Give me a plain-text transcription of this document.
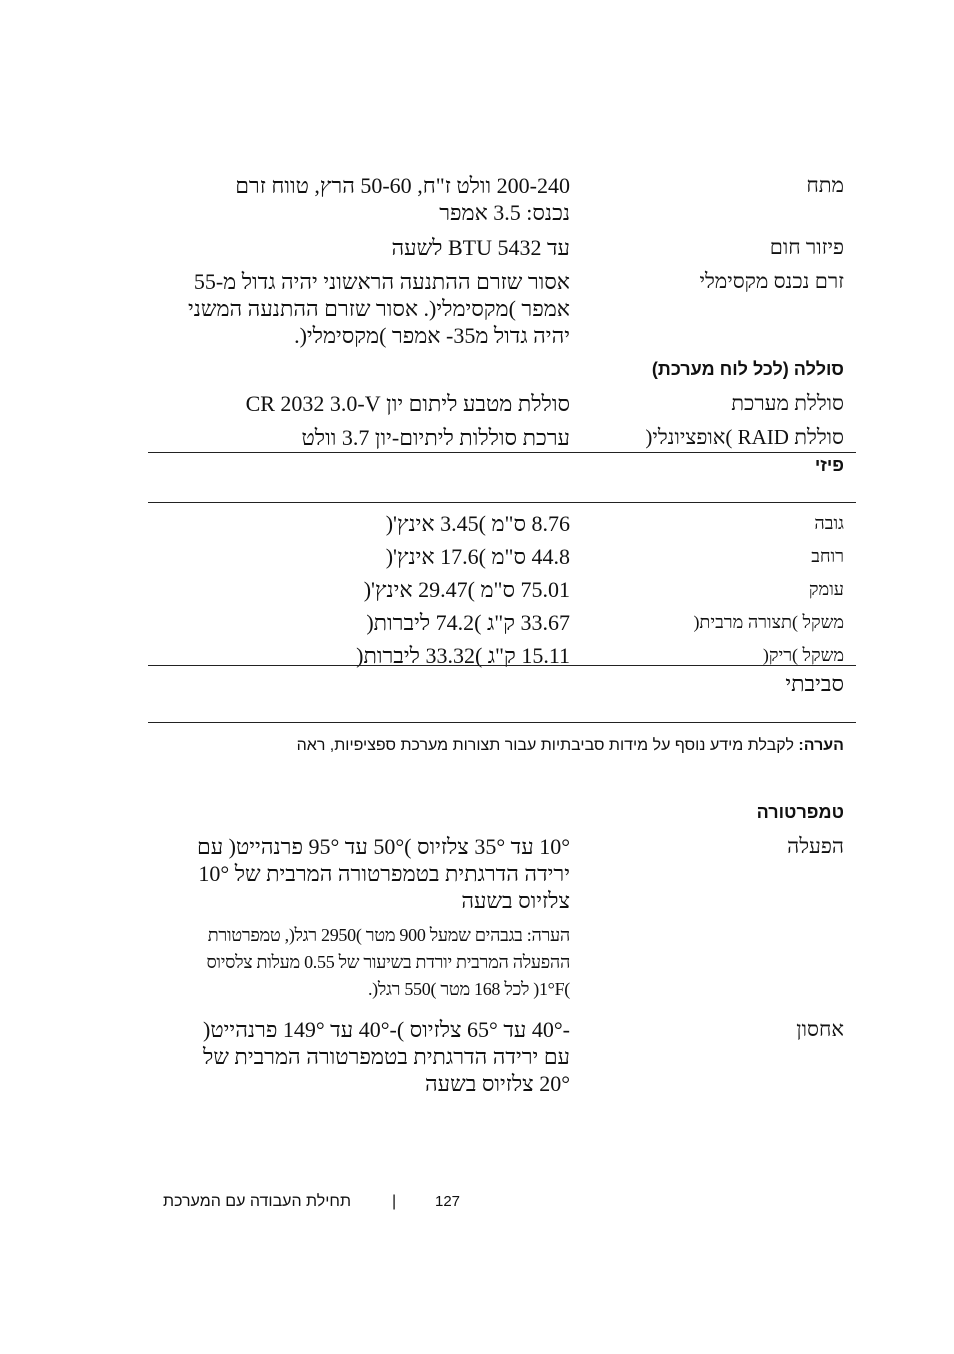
מתח
200-240 וולט ז"ח, 50-60 הרץ, טווח זרם
נכנס: 3.5 אמפר
פיזור חום
עד BTU 5432 לשעה
זרם נכנס מקסימלי
אסור שזרם ההתנעה הראשוני יהיה גדול מ-55
אמפר )מקסימלי(. אסור שזרם ההתנעה המשני
יהיה גדול מ35- אמפר )מקסימלי(.
סוללה (לכל לוח מערכת)
סוללת מערכת
סוללת מטבע ליתום יון CR 2032 3.0-V
סוללת RAID )אופציונלי(
ערכת סוללות ליתיום-יון 3.7 וולט
פיזי
גובה
8.76 ס"מ )3.45 אינץ'(
רוחב
44.8 ס"מ )17.6 אינץ'(
עומק
75.01 ס"מ )29.47 אינץ'(
משקל )תצורה מרבית(
33.67 ק"ג )74.2 ליברות(
משקל )ריק(
15.11 ק"ג )33.32 ליברות(
סביבתי
הערה: לקבלת מידע נוסף על מידות סביבתיות עבור תצורות מערכת ספציפיות, ראה
טמפרטורה
הפעלה
10° עד 35° צלזיוס )50° עד 95° פרנהייט( עם
ירידה הדרגתית בטמפרטורה המרבית של 10°
צלזיוס בשעה
הערה: בגבהים שמעל 900 מטר )2950 רגל(, טמפרטורת
ההפעלה המרבית יורדת בשיעור של 0.55 מעלות צלסיוס
)1°F( לכל 168 מטר )550 רגל(.
אחסון
-40° עד 65° צלזיוס )-40° עד 149° פרנהייט(
עם ירידה הדרגתית בטמפרטורה המרבית של
20° צלזיוס בשעה
תחילת העבודה עם המערכת	|	127
